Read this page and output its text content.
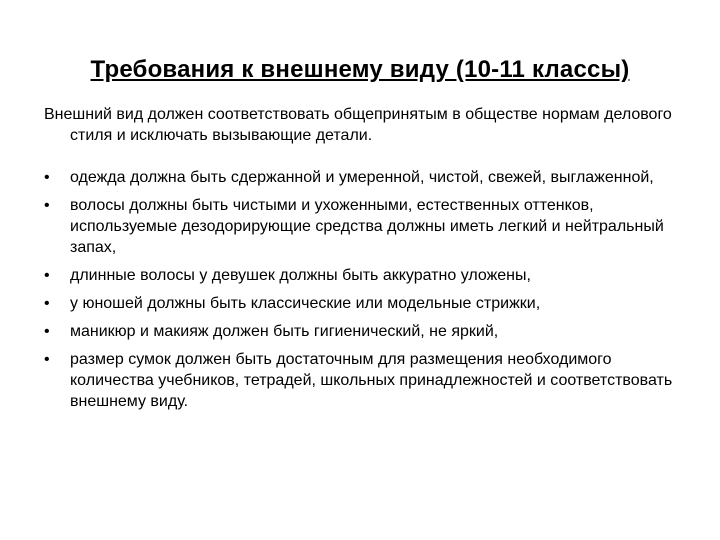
Требования к внешнему виду (10-11 классы)
Внешний вид должен соответствовать общепринятым в обществе нормам делового стиля и исключать вызывающие детали.
• одежда должна быть сдержанной и умеренной, чистой, свежей, выглаженной,
• волосы должны быть чистыми и ухоженными, естественных оттенков, используемые дезодорирующие средства должны иметь легкий и нейтральный запах,
• длинные волосы у девушек должны быть аккуратно уложены,
• у юношей должны быть классические или модельные стрижки,
• маникюр и макияж должен быть гигиенический, не яркий,
• размер сумок должен быть достаточным для размещения необходимого количества учебников, тетрадей, школьных принадлежностей и соответствовать внешнему виду.
